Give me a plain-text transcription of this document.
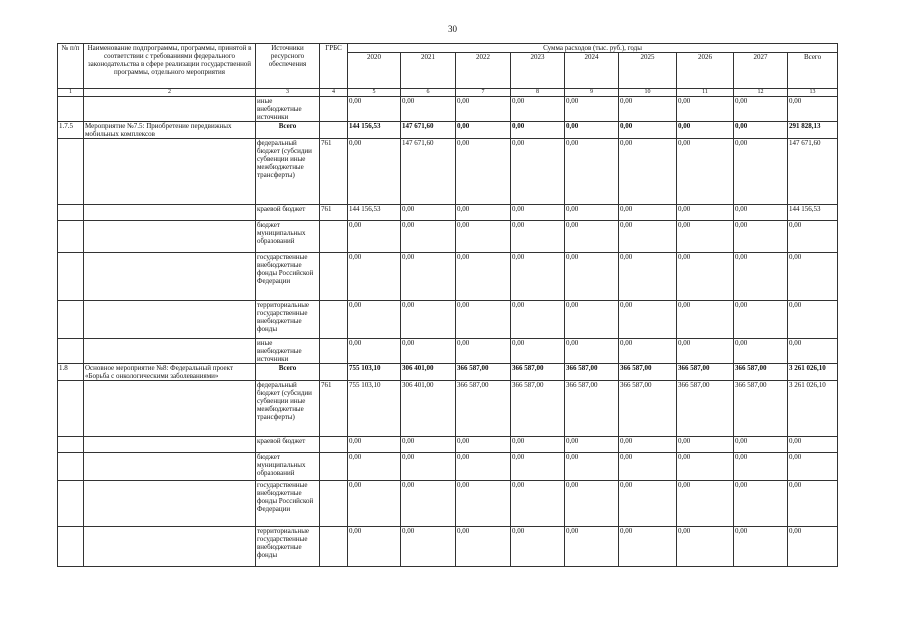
30
№ п/п	Наименование подпрограммы, программы, принятой в соответствии с требованиями федерального законодательства в сфере реализации государственной программы, отдельного мероприятия	Источники ресурсного обеспечения	ГРБС	Сумма расходов (тыс. руб.), годы								
				2020	2021	2022	2023	2024	2025	2026	2027	Всего
1	2	3	4	5	6	7	8	9	10	11	12	13
		иные внебюджетные источники		0,00	0,00	0,00	0,00	0,00	0,00	0,00	0,00	0,00
1.7.5	Мероприятие №7.5: Приобретение передвижных мобильных комплексов	Всего		144 156,53	147 671,60	0,00	0,00	0,00	0,00	0,00	0,00	291 828,13
		федеральный бюджет (субсидии субвенции иные межбюджетные трансферты)	761	0,00	147 671,60	0,00	0,00	0,00	0,00	0,00	0,00	147 671,60
		краевой бюджет	761	144 156,53	0,00	0,00	0,00	0,00	0,00	0,00	0,00	144 156,53
		бюджет муниципальных образований		0,00	0,00	0,00	0,00	0,00	0,00	0,00	0,00	0,00
		государственные внебюджетные фонды Российской Федерации		0,00	0,00	0,00	0,00	0,00	0,00	0,00	0,00	0,00
		территориальные государственные внебюджетные фонды		0,00	0,00	0,00	0,00	0,00	0,00	0,00	0,00	0,00
		иные внебюджетные источники		0,00	0,00	0,00	0,00	0,00	0,00	0,00	0,00	0,00
1.8	Основное мероприятие №8: Федеральный проект «Борьба с онкологическими заболеваниями»	Всего		755 103,10	306 401,00	366 587,00	366 587,00	366 587,00	366 587,00	366 587,00	366 587,00	3 261 026,10
		федеральный бюджет (субсидии субвенции иные межбюджетные трансферты)	761	755 103,10	306 401,00	366 587,00	366 587,00	366 587,00	366 587,00	366 587,00	366 587,00	3 261 026,10
		краевой бюджет		0,00	0,00	0,00	0,00	0,00	0,00	0,00	0,00	0,00
		бюджет муниципальных образований		0,00	0,00	0,00	0,00	0,00	0,00	0,00	0,00	0,00
		государственные внебюджетные фонды Российской Федерации		0,00	0,00	0,00	0,00	0,00	0,00	0,00	0,00	0,00
		территориальные государственные внебюджетные фонды		0,00	0,00	0,00	0,00	0,00	0,00	0,00	0,00	0,00
